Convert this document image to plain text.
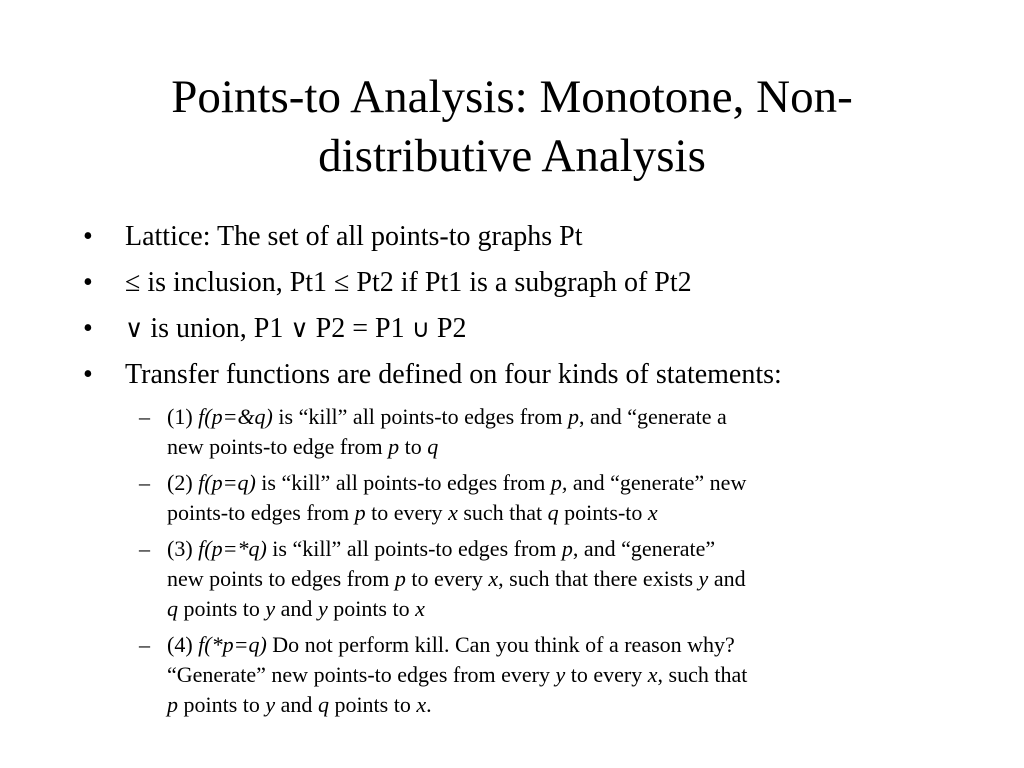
Points-to Analysis: Monotone, Non-
distributive Analysis
• Lattice: The set of all points-to graphs Pt
• ≤ is inclusion, Pt1 ≤ Pt2 if Pt1 is a subgraph of Pt2
• ∨ is union, P1 ∨ P2 = P1 ∪ P2
• Transfer functions are defined on four kinds of statements:
– (1) f(p=&q) is “kill” all points-to edges from p, and “generate a
new points-to edge from p to q
– (2) f(p=q) is “kill” all points-to edges from p, and “generate” new
points-to edges from p to every x such that q points-to x
– (3) f(p=*q) is “kill” all points-to edges from p, and “generate”
new points to edges from p to every x, such that there exists y and
q points to y and y points to x
– (4) f(*p=q) Do not perform kill. Can you think of a reason why?
“Generate” new points-to edges from every y to every x, such that
p points to y and q points to x.
